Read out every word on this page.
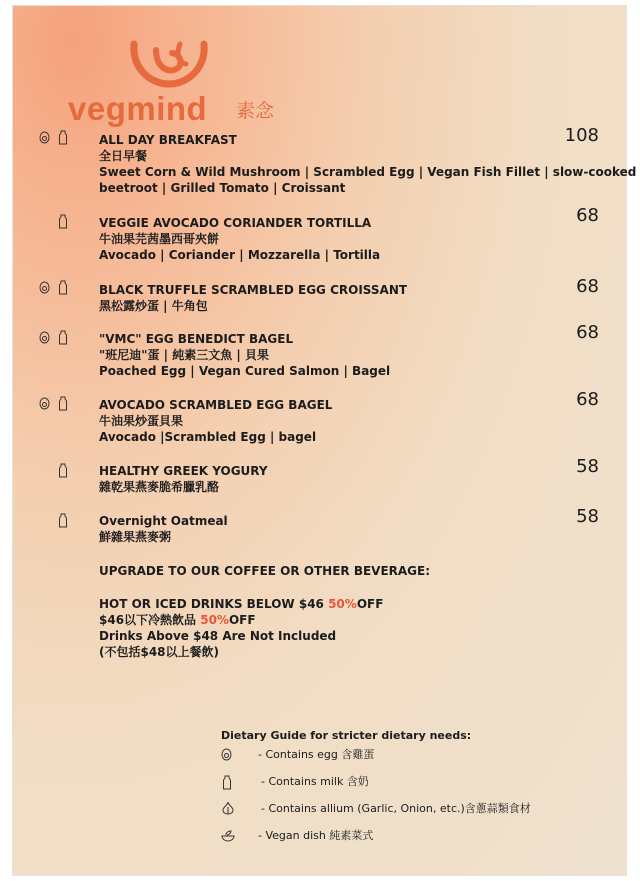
vegmind 素念
ALL DAY BREAKFAST
全日早餐
Sweet Corn & Wild Mushroom | Scrambled Egg | Vegan Fish Fillet | slow-cooked
beetroot | Grilled Tomato | Croissant
108
VEGGIE AVOCADO CORIANDER TORTILLA
牛油果芫茜墨西哥夾餅
Avocado | Coriander | Mozzarella | Tortilla
68
BLACK TRUFFLE SCRAMBLED EGG CROISSANT
黑松露炒蛋 | 牛角包
68
"VMC" EGG BENEDICT BAGEL
"班尼迪"蛋 | 純素三文魚 | 貝果
Poached Egg | Vegan Cured Salmon | Bagel
68
AVOCADO SCRAMBLED EGG BAGEL
牛油果炒蛋貝果
Avocado |Scrambled Egg | bagel
68
HEALTHY GREEK YOGURY
雜乾果燕麥脆希臘乳酪
58
Overnight Oatmeal
鮮雜果燕麥粥
58
UPGRADE TO OUR COFFEE OR OTHER BEVERAGE:
HOT OR ICED DRINKS BELOW $46 50%OFF
$46以下冷熱飲品 50%OFF
Drinks Above $48 Are Not Included
(不包括$48以上餐飲)
Dietary Guide for stricter dietary needs:
- Contains egg 含雞蛋
- Contains milk 含奶
- Contains allium (Garlic, Onion, etc.)含蔥蒜類食材
- Vegan dish 純素菜式
